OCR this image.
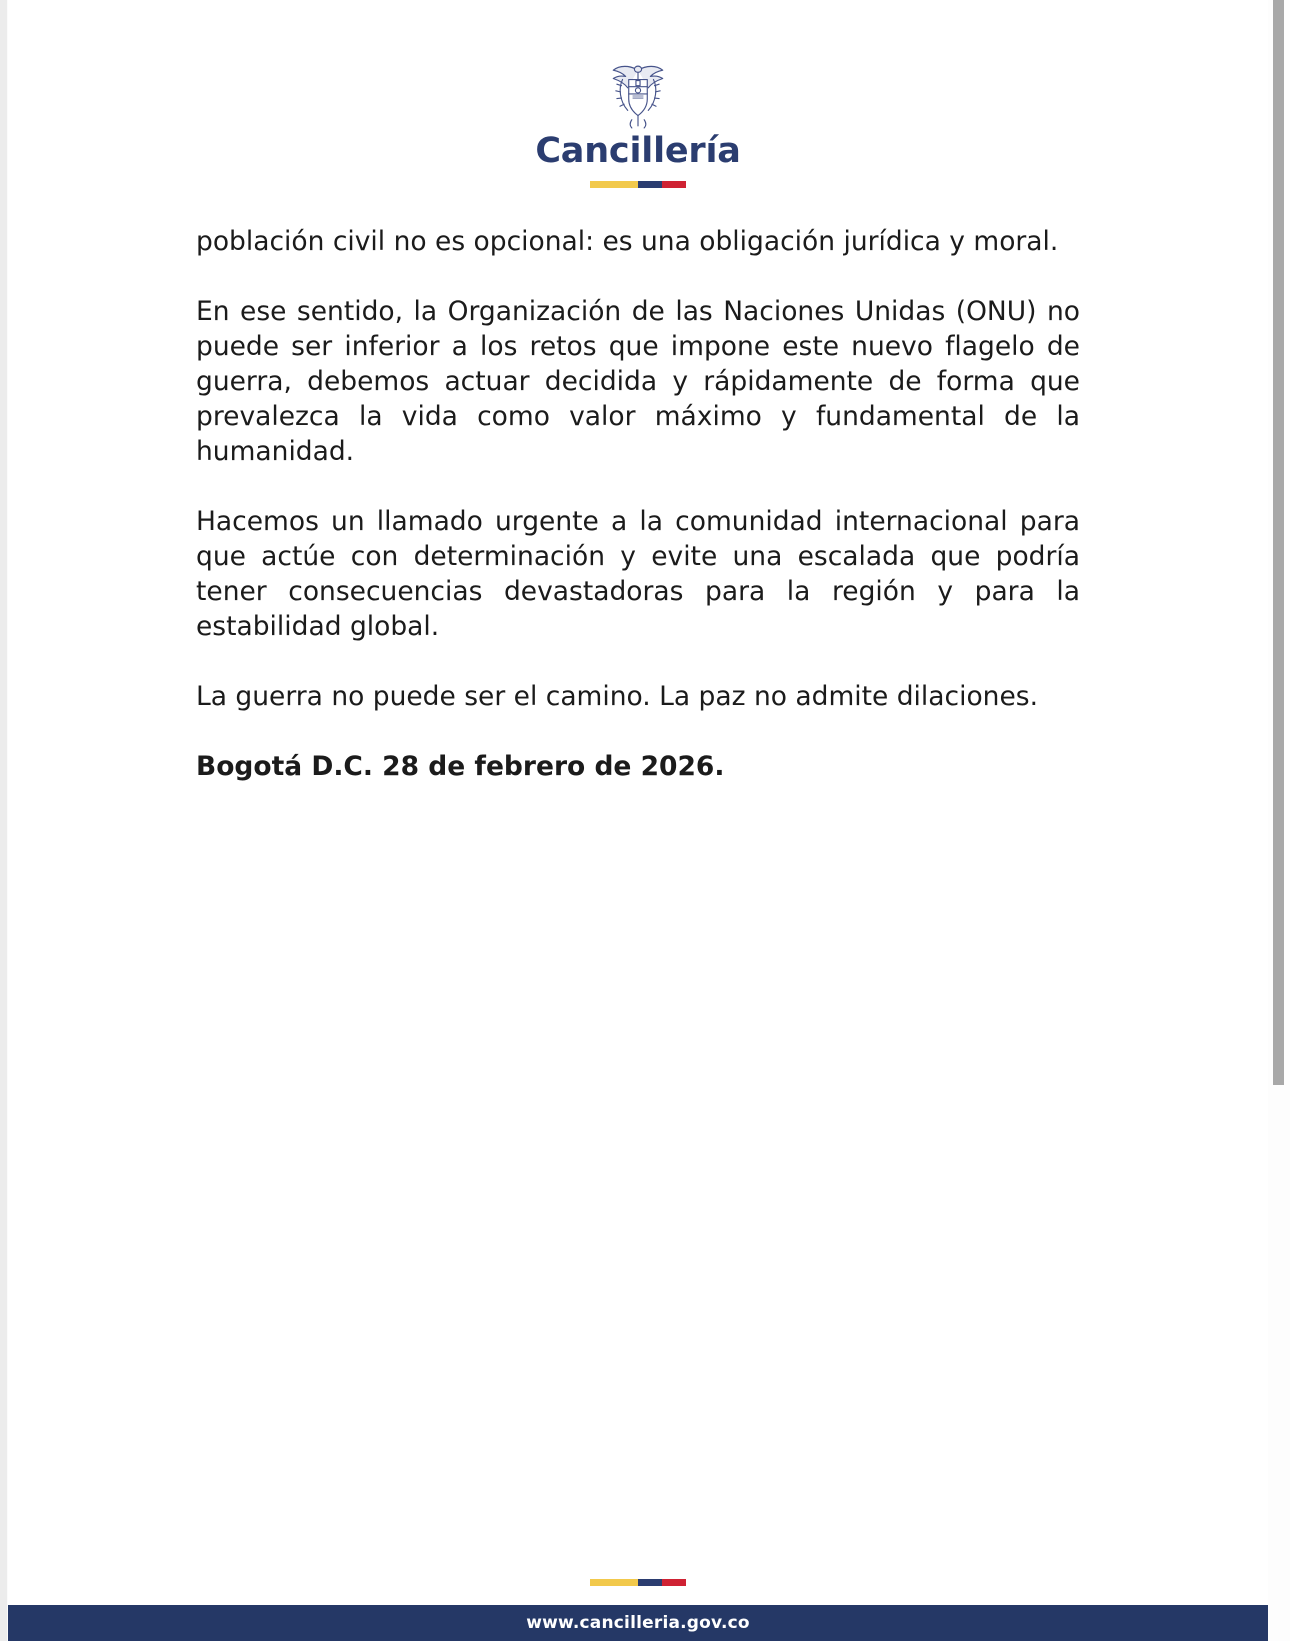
Cancillería

población civil no es opcional: es una obligación jurídica y moral.

En ese sentido, la Organización de las Naciones Unidas (ONU) no puede ser inferior a los retos que impone este nuevo flagelo de guerra, debemos actuar decidida y rápidamente de forma que prevalezca la vida como valor máximo y fundamental de la humanidad.

Hacemos un llamado urgente a la comunidad internacional para que actúe con determinación y evite una escalada que podría tener consecuencias devastadoras para la región y para la estabilidad global.

La guerra no puede ser el camino. La paz no admite dilaciones.

Bogotá D.C. 28 de febrero de 2026.

www.cancilleria.gov.co
